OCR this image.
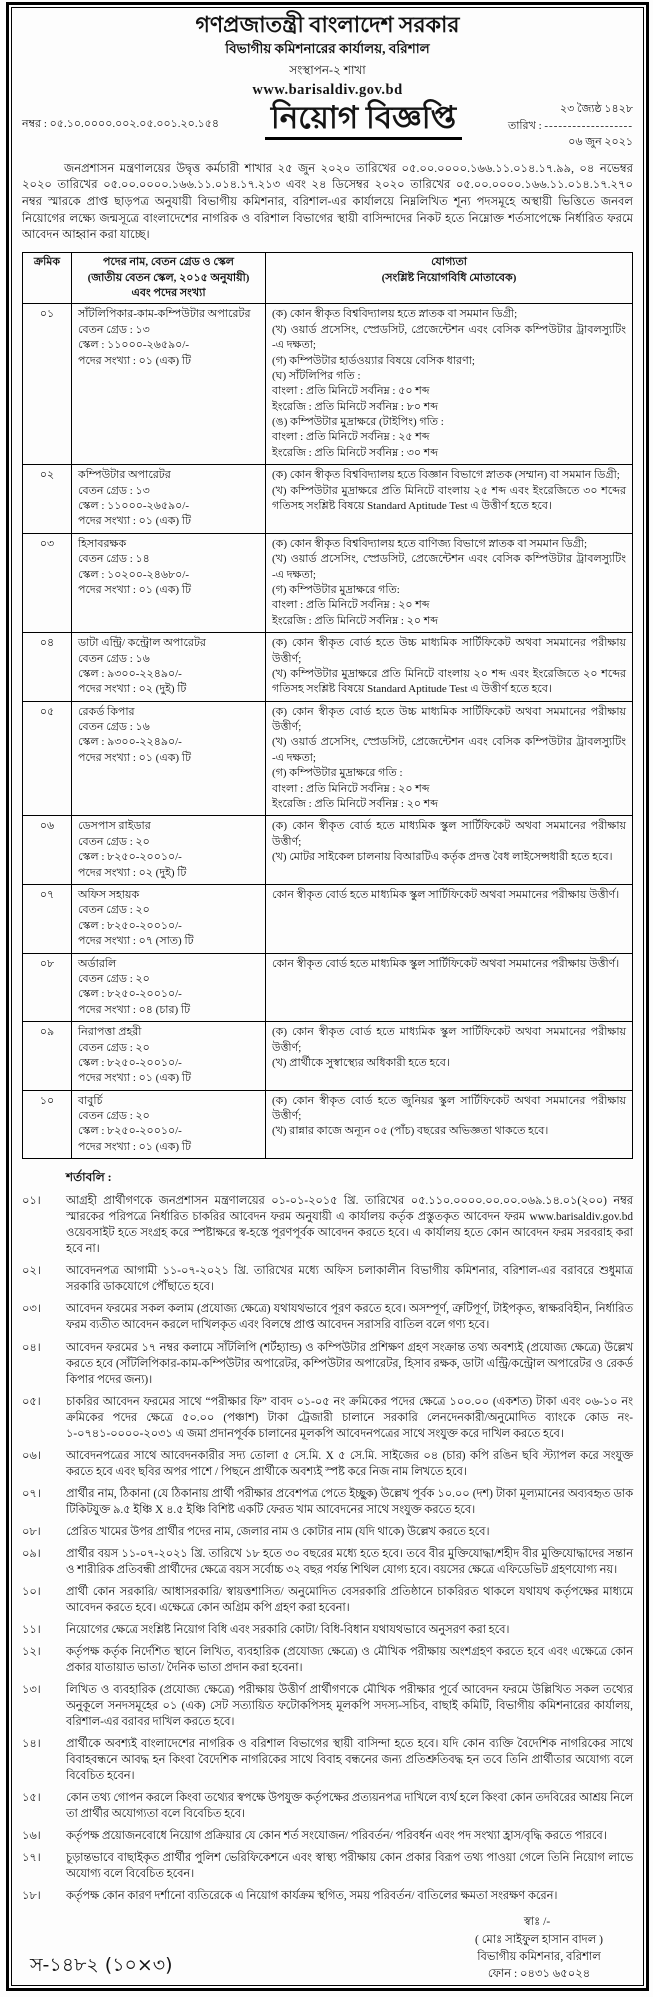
গণপ্রজাতন্ত্রী বাংলাদেশ সরকার
বিভাগীয় কমিশনারের কার্যালয়, বরিশাল
সংস্থাপন-২ শাখা
www.barisaldiv.gov.bd
নম্বর : ০৫.১০.০০০০.০০২.০৫.০০১.২০.১৫৪	নিয়োগ বিজ্ঞপ্তি	২৩ জ্যৈষ্ঠ ১৪২৮
তারিখ : -------------------
০৬ জুন ২০২১
জনপ্রশাসন মন্ত্রণালয়ের উদ্বৃত্ত কর্মচারী শাখার ২৫ জুন ২০২০ তারিখের ০৫.০০.০০০০.১৬৬.১১.০১৪.১৭.৯৯, ০৪ নভেম্বর ২০২০ তারিখের ০৫.০০.০০০০.১৬৬.১১.০১৪.১৭.২১৩ এবং ২৪ ডিসেম্বর ২০২০ তারিখের ০৫.০০.০০০০.১৬৬.১১.০১৪.১৭.২৭০ নম্বর স্মারকে প্রাপ্ত ছাড়পত্র অনুযায়ী বিভাগীয় কমিশনার, বরিশাল-এর কার্যালয়ে নিম্নলিখিত শূন্য পদসমূহে অস্থায়ী ভিত্তিতে জনবল নিয়োগের লক্ষ্যে জন্মসূত্রে বাংলাদেশের নাগরিক ও বরিশাল বিভাগের স্থায়ী বাসিন্দাদের নিকট হতে নিম্নোক্ত শর্তসাপেক্ষে নির্ধারিত ফরমে আবেদন আহ্বান করা যাচ্ছে।
ক্রমিক	পদের নাম, বেতন গ্রেড ও স্কেল
(জাতীয় বেতন স্কেল, ২০১৫ অনুযায়ী)
এবং পদের সংখ্যা

যোগ্যতা
(সংশ্লিষ্ট নিয়োগবিধি মোতাবেক)

০১	সাঁটলিপিকার-কাম-কম্পিউটার অপারেটর
বেতন গ্রেড : ১৩
স্কেল : ১১০০০-২৬৫৯০/-
পদের সংখ্যা : ০১ (এক) টি

(ক) কোন স্বীকৃত বিশ্ববিদ্যালয় হতে স্নাতক বা সমমান ডিগ্রী;
(খ) ওয়ার্ড প্রসেসিং, স্প্রেডসিট, প্রেজেন্টেশন এবং বেসিক কম্পিউটার ট্রাবলস্যুটিং -এ দক্ষতা;
(গ) কম্পিউটার হার্ডওয়্যার বিষয়ে বেসিক ধারণা;
(ঘ) সাঁটলিপির গতি :
বাংলা : প্রতি মিনিটে সর্বনিম্ন : ৫০ শব্দ
ইংরেজি : প্রতি মিনিটে সর্বনিম্ন : ৮০ শব্দ
(ঙ) কম্পিউটার মুদ্রাক্ষরে (টাইপিং) গতি :
বাংলা : প্রতি মিনিটে সর্বনিম্ন : ২৫ শব্দ
ইংরেজি : প্রতি মিনিটে সর্বনিম্ন : ৩০ শব্দ

০২	কম্পিউটার অপারেটর
বেতন গ্রেড : ১৩
স্কেল : ১১০০০-২৬৫৯০/-
পদের সংখ্যা : ০১ (এক) টি

(ক) কোন স্বীকৃত বিশ্ববিদ্যালয় হতে বিজ্ঞান বিভাগে স্নাতক (সম্মান) বা সমমান ডিগ্রী;
(খ) কম্পিউটার মুদ্রাক্ষরে প্রতি মিনিটে বাংলায় ২৫ শব্দ এবং ইংরেজিতে ৩০ শব্দের গতিসহ সংশ্লিষ্ট বিষয়ে Standard Aptitude Test এ উত্তীর্ণ হতে হবে।

০৩	হিসাবরক্ষক
বেতন গ্রেড : ১৪
স্কেল : ১০২০০-২৪৬৮০/-
পদের সংখ্যা : ০১ (এক) টি

(ক) কোন স্বীকৃত বিশ্ববিদ্যালয় হতে বাণিজ্য বিভাগে স্নাতক বা সমমান ডিগ্রী;
(খ) ওয়ার্ড প্রসেসিং, স্প্রেডসিট, প্রেজেন্টেশন এবং বেসিক কম্পিউটার ট্রাবলস্যুটিং -এ দক্ষতা;
(গ) কম্পিউটার মুদ্রাক্ষরে গতি:
বাংলা : প্রতি মিনিটে সর্বনিম্ন : ২০ শব্দ
ইংরেজি : প্রতি মিনিটে সর্বনিম্ন : ২০ শব্দ

০৪	ডাটা এন্ট্রি/ কন্ট্রোল অপারেটর
বেতন গ্রেড : ১৬
স্কেল : ৯৩০০-২২৪৯০/-
পদের সংখ্যা : ০২ (দুই) টি

(ক) কোন স্বীকৃত বোর্ড হতে উচ্চ মাধ্যমিক সার্টিফিকেট অথবা সমমানের পরীক্ষায় উত্তীর্ণ;
(খ) কম্পিউটার মুদ্রাক্ষরে প্রতি মিনিটে বাংলায় ২০ শব্দ এবং ইংরেজিতে ২০ শব্দের গতিসহ সংশ্লিষ্ট বিষয়ে Standard Aptitude Test এ উত্তীর্ণ হতে হবে।

০৫	রেকর্ড কিপার
বেতন গ্রেড : ১৬
স্কেল : ৯৩০০-২২৪৯০/-
পদের সংখ্যা : ০১ (এক) টি

(ক) কোন স্বীকৃত বোর্ড হতে উচ্চ মাধ্যমিক সার্টিফিকেট অথবা সমমানের পরীক্ষায় উত্তীর্ণ;
(খ) ওয়ার্ড প্রসেসিং, স্প্রেডসিট, প্রেজেন্টেশন এবং বেসিক কম্পিউটার ট্রাবলস্যুটিং -এ দক্ষতা;
(গ) কম্পিউটার মুদ্রাক্ষরে গতি :
বাংলা : প্রতি মিনিটে সর্বনিম্ন : ২০ শব্দ
ইংরেজি : প্রতি মিনিটে সর্বনিম্ন : ২০ শব্দ

০৬	ডেসপাস রাইডার
বেতন গ্রেড : ২০
স্কেল : ৮২৫০-২০০১০/-
পদের সংখ্যা : ০২ (দুই) টি

(ক) কোন স্বীকৃত বোর্ড হতে মাধ্যমিক স্কুল সার্টিফিকেট অথবা সমমানের পরীক্ষায় উত্তীর্ণ;
(খ) মোটর সাইকেল চালনায় বিআরটিএ কর্তৃক প্রদত্ত বৈধ লাইসেন্সধারী হতে হবে।

০৭	অফিস সহায়ক
বেতন গ্রেড : ২০
স্কেল : ৮২৫০-২০০১০/-
পদের সংখ্যা : ০৭ (সাত) টি	কোন স্বীকৃত বোর্ড হতে মাধ্যমিক স্কুল সার্টিফিকেট অথবা সমমানের পরীক্ষায় উত্তীর্ণ।

০৮	অর্ডারলি
বেতন গ্রেড : ২০
স্কেল : ৮২৫০-২০০১০/-
পদের সংখ্যা : ০৪ (চার) টি	কোন স্বীকৃত বোর্ড হতে মাধ্যমিক স্কুল সার্টিফিকেট অথবা সমমানের পরীক্ষায় উত্তীর্ণ।

০৯	নিরাপত্তা প্রহরী
বেতন গ্রেড : ২০
স্কেল : ৮২৫০-২০০১০/-
পদের সংখ্যা : ০১ (এক) টি

(ক) কোন স্বীকৃত বোর্ড হতে মাধ্যমিক স্কুল সার্টিফিকেট অথবা সমমানের পরীক্ষায় উত্তীর্ণ;
(খ) প্রার্থীকে সুস্বাস্থ্যের অধিকারী হতে হবে।

১০	বাবুর্চি
বেতন গ্রেড : ২০
স্কেল : ৮২৫০-২০০১০/-
পদের সংখ্যা : ০১ (এক) টি

(ক) কোন স্বীকৃত বোর্ড হতে জুনিয়র স্কুল সার্টিফিকেট অথবা সমমানের পরীক্ষায় উত্তীর্ণ;
(খ) রান্নার কাজে অন্যূন ০৫ (পাঁচ) বছরের অভিজ্ঞতা থাকতে হবে।
শর্তাবলি :
০১।	আগ্রহী প্রার্থীগণকে জনপ্রশাসন মন্ত্রণালয়ের ০১-০১-২০১৫ খ্রি. তারিখের ০৫.১১০.০০০০.০০.০০.০৬৯.১৪.০১(২০০) নম্বর স্মারকের পরিপত্রে নির্ধারিত চাকরির আবেদন ফরম অনুযায়ী এ কার্যালয় কর্তৃক প্রস্তুতকৃত আবেদন ফরম www.barisaldiv.gov.bd ওয়েবসাইট হতে সংগ্রহ করে স্পষ্টাক্ষরে স্ব-হস্তে পূরণপূর্বক আবেদন করতে হবে। এ কার্যালয় হতে কোন আবেদন ফরম সরবরাহ করা হবে না।
০২।	আবেদনপত্র আগামী ১১-০৭-২০২১ খ্রি. তারিখের মধ্যে অফিস চলাকালীন বিভাগীয় কমিশনার, বরিশাল-এর বরাবরে শুধুমাত্র সরকারি ডাকযোগে পৌঁছাতে হবে।
০৩।	আবেদন ফরমের সকল কলাম (প্রযোজ্য ক্ষেত্রে) যথাযথভাবে পূরণ করতে হবে। অসম্পূর্ণ, ত্রুটিপূর্ণ, টাইপকৃত, স্বাক্ষরবিহীন, নির্ধারিত ফরম ব্যতীত আবেদন করলে দাখিলকৃত এবং বিলম্বে প্রাপ্ত আবেদন সরাসরি বাতিল বলে গণ্য হবে।
০৪।	আবেদন ফরমের ১৭ নম্বর কলামে সাঁটলিপি (শর্টহ্যান্ড) ও কম্পিউটার প্রশিক্ষণ গ্রহণ সংক্রান্ত তথ্য অবশ্যই (প্রযোজ্য ক্ষেত্রে) উল্লেখ করতে হবে (সাঁটলিপিকার-কাম-কম্পিউটার অপারেটর, কম্পিউটার অপারেটর, হিসাব রক্ষক, ডাটা এন্ট্রি/কন্ট্রোল অপারেটর ও রেকর্ড কিপার পদের জন্য)।
০৫।	চাকরির আবেদন ফরমের সাথে “পরীক্ষার ফি” বাবদ ০১-০৫ নং ক্রমিকের পদের ক্ষেত্রে ১০০.০০ (একশত) টাকা এবং ০৬-১০ নং ক্রমিকের পদের ক্ষেত্রে ৫০.০০ (পঞ্চাশ) টাকা ট্রেজারী চালানে সরকারি লেনদেনকারী/অনুমোদিত ব্যাংকে কোড নং- ১-০৭৪১-০০০০-২০৩১ এ জমা প্রদানপূর্বক চালানের মূলকপি আবেদনপত্রের সাথে সংযুক্ত করে দাখিল করতে হবে।
০৬।	আবেদনপত্রের সাথে আবেদনকারীর সদ্য তোলা ৫ সে.মি. X ৫ সে.মি. সাইজের ০৪ (চার) কপি রঙিন ছবি স্ট্যাপল করে সংযুক্ত করতে হবে এবং ছবির অপর পাশে / পিছনে প্রার্থীকে অবশ্যই স্পষ্ট করে নিজ নাম লিখতে হবে।
০৭।	প্রার্থীর নাম, ঠিকানা (যে ঠিকানায় প্রার্থী পরীক্ষার প্রবেশপত্র পেতে ইচ্ছুক) উল্লেখ পূর্বক ১০.০০ (দশ) টাকা মূল্যমানের অব্যবহৃত ডাক টিকিটযুক্ত ৯.৫ ইঞ্চি X ৪.৫ ইঞ্চি বিশিষ্ট একটি ফেরত খাম আবেদনের সাথে সংযুক্ত করতে হবে।
০৮।	প্রেরিত খামের উপর প্রার্থীর পদের নাম, জেলার নাম ও কোটার নাম (যদি থাকে) উল্লেখ করতে হবে।
০৯।	প্রার্থীর বয়স ১১-০৭-২০২১ খ্রি. তারিখে ১৮ হতে ৩০ বছরের মধ্যে হতে হবে। তবে বীর মুক্তিযোদ্ধা/শহীদ বীর মুক্তিযোদ্ধাদের সন্তান ও শারীরিক প্রতিবন্ধী প্রার্থীদের ক্ষেত্রে বয়স সর্বোচ্চ ৩২ বছর পর্যন্ত শিথিল যোগ্য হবে। বয়সের ক্ষেত্রে এফিডেভিট গ্রহণযোগ্য নয়।
১০।	প্রার্থী কোন সরকারি/ আধাসরকারি/ স্বায়ত্তশাসিত/ অনুমোদিত বেসরকারি প্রতিষ্ঠানে চাকরিরত থাকলে যথাযথ কর্তৃপক্ষের মাধ্যমে আবেদন করতে হবে। এক্ষেত্রে কোন অগ্রিম কপি গ্রহণ করা হবেনা।
১১।	নিয়োগের ক্ষেত্রে সংশ্লিষ্ট নিয়োগ বিধি এবং সরকারি কোটা/ বিধি-বিধান যথাযথভাবে অনুসরণ করা হবে।
১২।	কর্তৃপক্ষ কর্তৃক নির্দেশিত স্থানে লিখিত, ব্যবহারিক (প্রযোজ্য ক্ষেত্রে) ও মৌখিক পরীক্ষায় অংশগ্রহণ করতে হবে এবং এক্ষেত্রে কোন প্রকার যাতায়াত ভাতা/ দৈনিক ভাতা প্রদান করা হবেনা।
১৩।	লিখিত ও ব্যবহারিক (প্রযোজ্য ক্ষেত্রে) পরীক্ষায় উত্তীর্ণ প্রার্থীগণকে মৌখিক পরীক্ষার পূর্বে আবেদন ফরমে উল্লিখিত সকল তথ্যের অনুকূলে সনদসমূহের ০১ (এক) সেট সত্যায়িত ফটোকপিসহ মূলকপি সদস্য-সচিব, বাছাই কমিটি, বিভাগীয় কমিশনারের কার্যালয়, বরিশাল-এর বরাবর দাখিল করতে হবে।
১৪।	প্রার্থীকে অবশ্যই বাংলাদেশের নাগরিক ও বরিশাল বিভাগের স্থায়ী বাসিন্দা হতে হবে। যদি কোন ব্যক্তি বৈদেশিক নাগরিকের সাথে বিবাহবন্ধনে আবদ্ধ হন কিংবা বৈদেশিক নাগরিকের সাথে বিবাহ বন্ধনের জন্য প্রতিশ্রুতিবদ্ধ হন তবে তিনি প্রার্থীতার অযোগ্য বলে বিবেচিত হবেন।
১৫।	কোন তথ্য গোপন করলে কিংবা তথ্যের স্বপক্ষে উপযুক্ত কর্তৃপক্ষের প্রত্যয়নপত্র দাখিলে ব্যর্থ হলে কিংবা কোন তদবিরের আশ্রয় নিলে তা প্রার্থীর অযোগ্যতা বলে বিবেচিত হবে।
১৬।	কর্তৃপক্ষ প্রয়োজনবোধে নিয়োগ প্রক্রিয়ার যে কোন শর্ত সংযোজন/ পরিবর্তন/ পরিবর্ধন এবং পদ সংখ্যা হ্রাস/বৃদ্ধি করতে পারবে।
১৭।	চূড়ান্তভাবে বাছাইকৃত প্রার্থীর পুলিশ ভেরিফিকেশনে এবং স্বাস্থ্য পরীক্ষায় কোন প্রকার বিরূপ তথ্য পাওয়া গেলে তিনি নিয়োগ লাভে অযোগ্য বলে বিবেচিত হবেন।
১৮।	কর্তৃপক্ষ কোন কারণ দর্শানো ব্যতিরেকে এ নিয়োগ কার্যক্রম স্থগিত, সময় পরিবর্তন/ বাতিলের ক্ষমতা সংরক্ষণ করেন।
স-১৪৮২ (১০×৩)
স্বাঃ /-
( মোঃ সাইফুল হাসান বাদল )
বিভাগীয় কমিশনার, বরিশাল
ফোন : ০৪৩১ ৬৫০২৪
